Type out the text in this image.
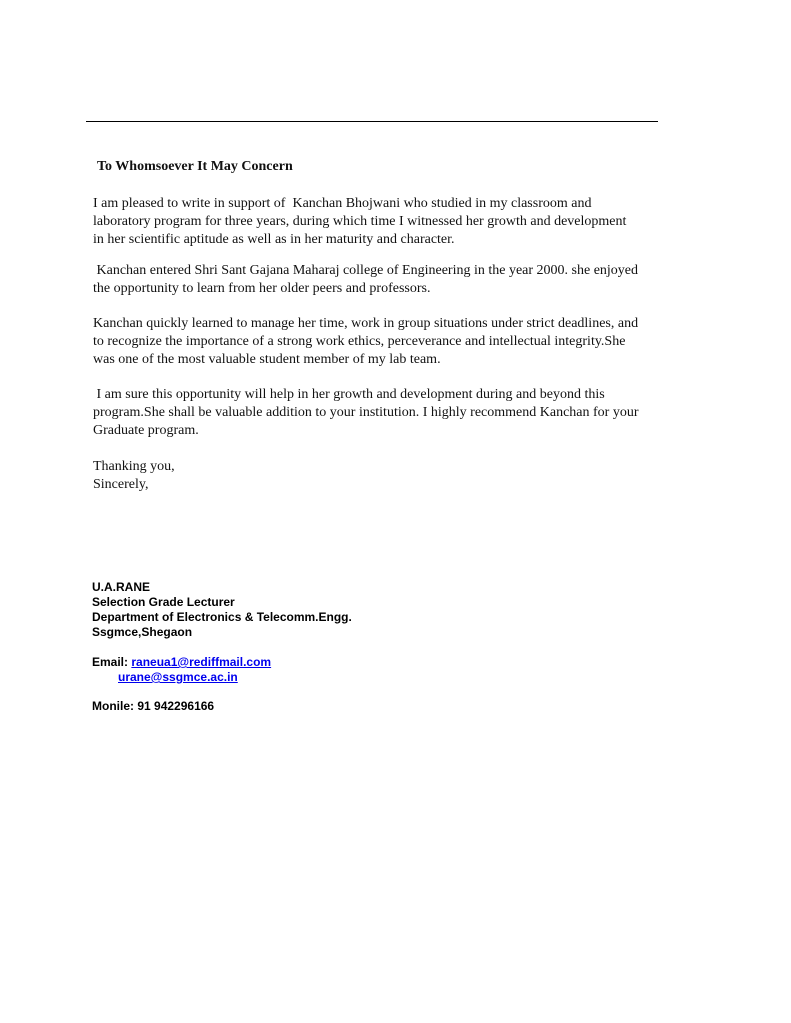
To Whomsoever It May Concern
I am pleased to write in support of  Kanchan Bhojwani who studied in my classroom and
laboratory program for three years, during which time I witnessed her growth and development
in her scientific aptitude as well as in her maturity and character.
Kanchan entered Shri Sant Gajana Maharaj college of Engineering in the year 2000. she enjoyed
the opportunity to learn from her older peers and professors.
Kanchan quickly learned to manage her time, work in group situations under strict deadlines, and
to recognize the importance of a strong work ethics, perceverance and intellectual integrity.She
was one of the most valuable student member of my lab team.
I am sure this opportunity will help in her growth and development during and beyond this
program.She shall be valuable addition to your institution. I highly recommend Kanchan for your
Graduate program.
Thanking you,
Sincerely,
U.A.RANE
Selection Grade Lecturer
Department of Electronics & Telecomm.Engg.
Ssgmce,Shegaon
Email: raneua1@rediffmail.com
urane@ssgmce.ac.in
Monile: 91 942296166
